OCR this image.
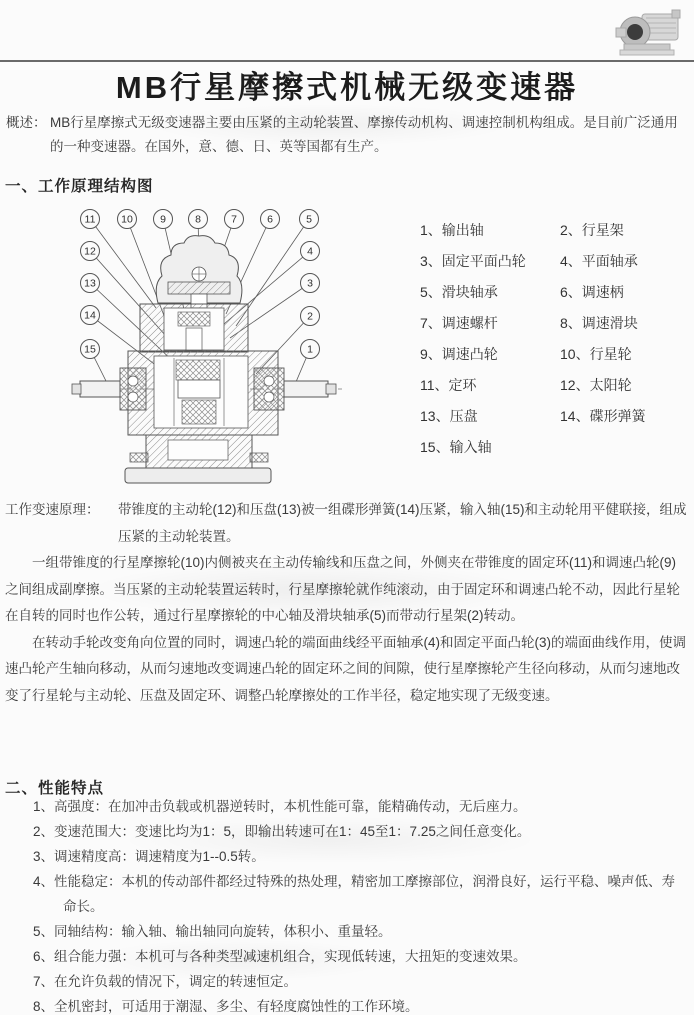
MB行星摩擦式机械无级变速器

概述： MB行星摩擦式无级变速器主要由压紧的主动轮装置、摩擦传动机构、调速控制机构组成。是目前广泛通用的一种变速器。在国外，意、德、日、英等国都有生产。

一、工作原理结构图
11 10	9	8	7	6	5
12
13
14
15
4
3
2
1
1、输出轴	2、行星架
3、固定平面凸轮	4、平面轴承
5、滑块轴承	6、调速柄
7、调速螺杆	8、调速滑块
9、调速凸轮	10、行星轮
11、定环	12、太阳轮
13、压盘	14、碟形弹簧
15、输入轴

工作变速原理： 带锥度的主动轮(12)和压盘(13)被一组碟形弹簧(14)压紧，输入轴(15)和主动轮用平健联接，组成压紧的主动轮装置。

一组带锥度的行星摩擦轮(10)内侧被夹在主动传输线和压盘之间，外侧夹在带锥度的固定环(11)和调速凸轮(9)之间组成副摩擦。当压紧的主动轮装置运转时，行星摩擦轮就作纯滚动，由于固定环和调速凸轮不动，因此行星轮在自转的同时也作公转，通过行星摩擦轮的中心轴及滑块轴承(5)而带动行星架(2)转动。

在转动手轮改变角向位置的同时，调速凸轮的端面曲线经平面轴承(4)和固定平面凸轮(3)的端面曲线作用，使调速凸轮产生轴向移动，从而匀速地改变调速凸轮的固定环之间的间隙，使行星摩擦轮产生径向移动，从而匀速地改变了行星轮与主动轮、压盘及固定环、调整凸轮摩擦处的工作半径，稳定地实现了无级变速。

二、性能特点
1、高强度：在加冲击负载或机器逆转时，本机性能可靠，能精确传动，无后座力。
2、变速范围大：变速比均为1：5，即输出转速可在1：45至1：7.25之间任意变化。
3、调速精度高：调速精度为1--0.5转。
4、性能稳定：本机的传动部件都经过特殊的热处理，精密加工摩擦部位，润滑良好，运行平稳、噪声低、寿命长。
5、同轴结构：输入轴、输出轴同向旋转，体积小、重量轻。
6、组合能力强：本机可与各种类型减速机组合，实现低转速，大扭矩的变速效果。
7、在允许负载的情况下，调定的转速恒定。
8、全机密封，可适用于潮湿、多尘、有轻度腐蚀性的工作环境。
